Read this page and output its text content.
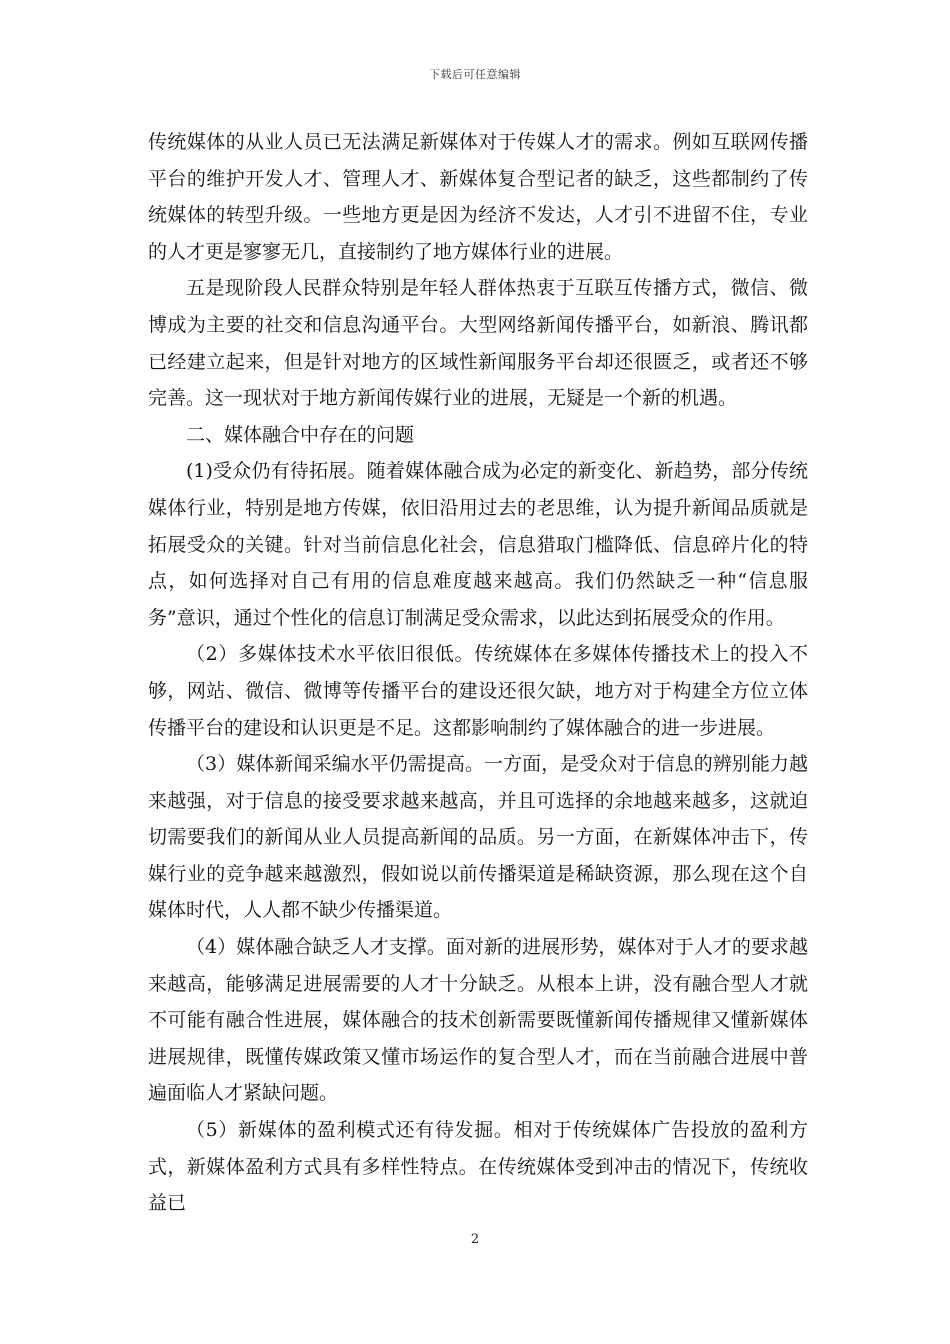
下载后可任意编辑

传统媒体的从业人员已无法满足新媒体对于传媒人才的需求。例如互联网传播平台的维护开发人才、管理人才、新媒体复合型记者的缺乏，这些都制约了传统媒体的转型升级。一些地方更是因为经济不发达，人才引不进留不住，专业的人才更是寥寥无几，直接制约了地方媒体行业的进展。

五是现阶段人民群众特别是年轻人群体热衷于互联互传播方式，微信、微博成为主要的社交和信息沟通平台。大型网络新闻传播平台，如新浪、腾讯都已经建立起来，但是针对地方的区域性新闻服务平台却还很匮乏，或者还不够完善。这一现状对于地方新闻传媒行业的进展，无疑是一个新的机遇。

二、媒体融合中存在的问题

(1)受众仍有待拓展。随着媒体融合成为必定的新变化、新趋势，部分传统媒体行业，特别是地方传媒，依旧沿用过去的老思维，认为提升新闻品质就是拓展受众的关键。针对当前信息化社会，信息猎取门槛降低、信息碎片化的特点，如何选择对自己有用的信息难度越来越高。我们仍然缺乏一种“信息服务”意识，通过个性化的信息订制满足受众需求，以此达到拓展受众的作用。

（2）多媒体技术水平依旧很低。传统媒体在多媒体传播技术上的投入不够，网站、微信、微博等传播平台的建设还很欠缺，地方对于构建全方位立体传播平台的建设和认识更是不足。这都影响制约了媒体融合的进一步进展。

（3）媒体新闻采编水平仍需提高。一方面，是受众对于信息的辨别能力越来越强，对于信息的接受要求越来越高，并且可选择的余地越来越多，这就迫切需要我们的新闻从业人员提高新闻的品质。另一方面，在新媒体冲击下，传媒行业的竞争越来越激烈，假如说以前传播渠道是稀缺资源，那么现在这个自媒体时代，人人都不缺少传播渠道。

（4）媒体融合缺乏人才支撑。面对新的进展形势，媒体对于人才的要求越来越高，能够满足进展需要的人才十分缺乏。从根本上讲，没有融合型人才就不可能有融合性进展，媒体融合的技术创新需要既懂新闻传播规律又懂新媒体进展规律，既懂传媒政策又懂市场运作的复合型人才，而在当前融合进展中普遍面临人才紧缺问题。

（5）新媒体的盈利模式还有待发掘。相对于传统媒体广告投放的盈利方式，新媒体盈利方式具有多样性特点。在传统媒体受到冲击的情况下，传统收益已

2
